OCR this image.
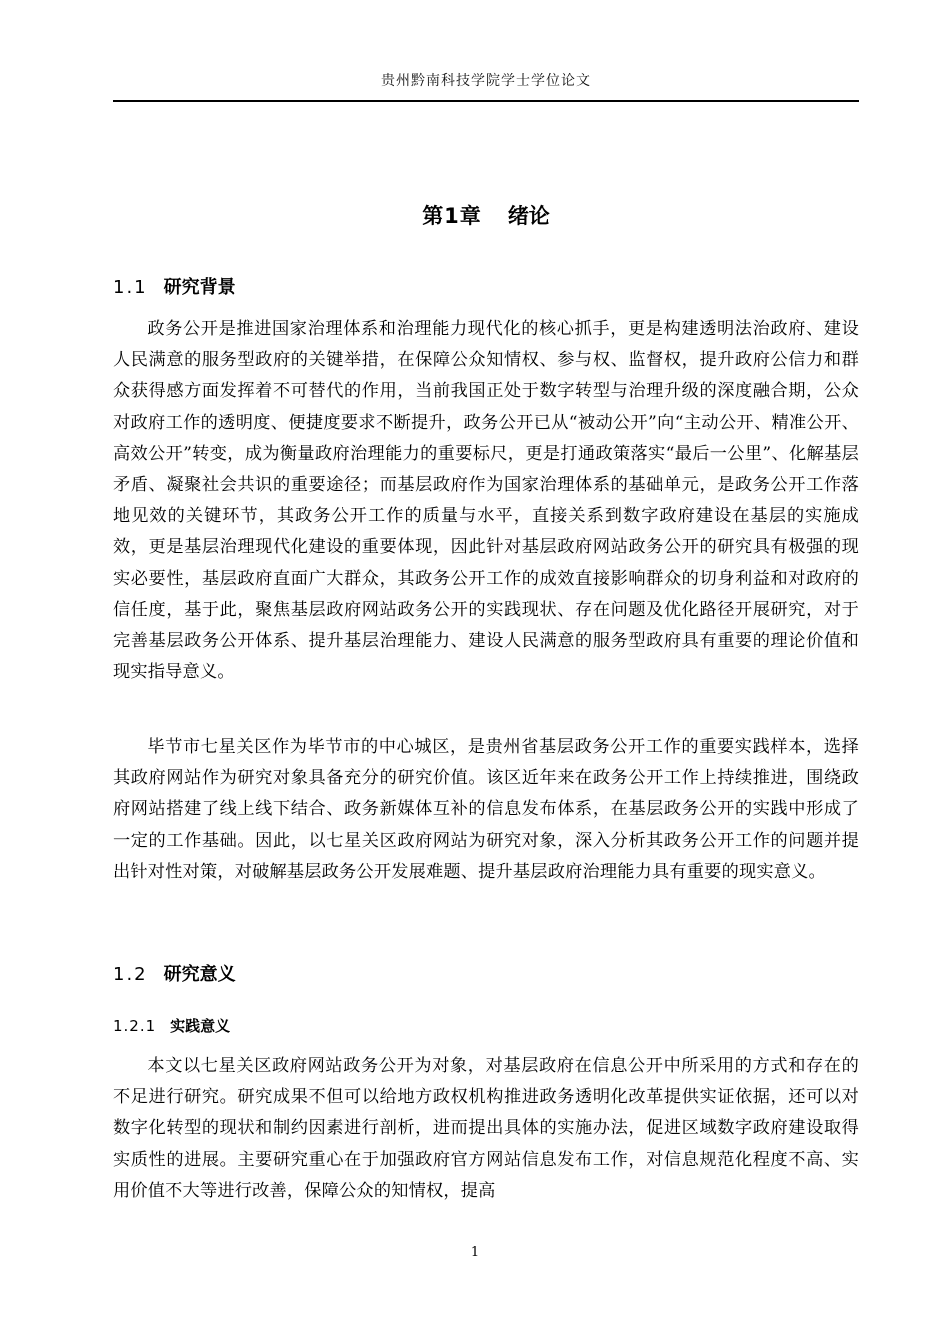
贵州黔南科技学院学士学位论文
第1章 绪论
1.1 研究背景

政务公开是推进国家治理体系和治理能力现代化的核心抓手，更是构建透明法治政府、建设人民满意的服务型政府的关键举措，在保障公众知情权、参与权、监督权，提升政府公信力和群众获得感方面发挥着不可替代的作用，当前我国正处于数字转型与治理升级的深度融合期，公众对政府工作的透明度、便捷度要求不断提升，政务公开已从“被动公开”向“主动公开、精准公开、高效公开”转变，成为衡量政府治理能力的重要标尺，更是打通政策落实“最后一公里”、化解基层矛盾、凝聚社会共识的重要途径；而基层政府作为国家治理体系的基础单元，是政务公开工作落地见效的关键环节，其政务公开工作的质量与水平，直接关系到数字政府建设在基层的实施成效，更是基层治理现代化建设的重要体现，因此针对基层政府网站政务公开的研究具有极强的现实必要性，基层政府直面广大群众，其政务公开工作的成效直接影响群众的切身利益和对政府的信任度，基于此，聚焦基层政府网站政务公开的实践现状、存在问题及优化路径开展研究，对于完善基层政务公开体系、提升基层治理能力、建设人民满意的服务型政府具有重要的理论价值和现实指导意义。

毕节市七星关区作为毕节市的中心城区，是贵州省基层政务公开工作的重要实践样本，选择其政府网站作为研究对象具备充分的研究价值。该区近年来在政务公开工作上持续推进，围绕政府网站搭建了线上线下结合、政务新媒体互补的信息发布体系，在基层政务公开的实践中形成了一定的工作基础。因此，以七星关区政府网站为研究对象，深入分析其政务公开工作的问题并提出针对性对策，对破解基层政务公开发展难题、提升基层政府治理能力具有重要的现实意义。

1.2 研究意义
1.2.1 实践意义

本文以七星关区政府网站政务公开为对象，对基层政府在信息公开中所采用的方式和存在的不足进行研究。研究成果不但可以给地方政权机构推进政务透明化改革提供实证依据，还可以对数字化转型的现状和制约因素进行剖析，进而提出具体的实施办法，促进区域数字政府建设取得实质性的进展。主要研究重心在于加强政府官方网站信息发布工作，对信息规范化程度不高、实用价值不大等进行改善，保障公众的知情权，提高

1
